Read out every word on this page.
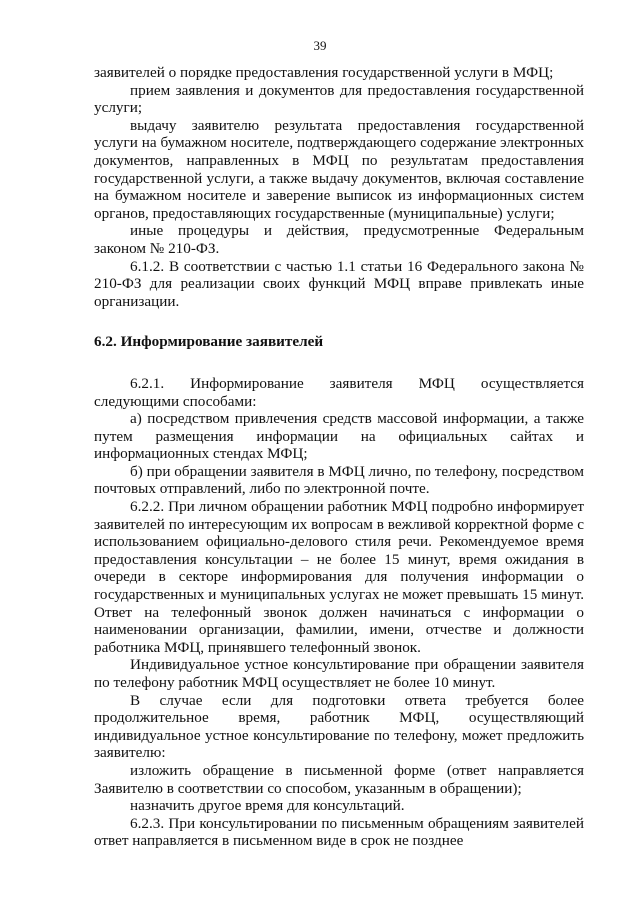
39

заявителей о порядке предоставления государственной услуги в МФЦ;

прием заявления и документов для предоставления государственной услуги;

выдачу заявителю результата предоставления государственной услуги на бумажном носителе, подтверждающего содержание электронных документов, направленных в МФЦ по результатам предоставления государственной услуги, а также выдачу документов, включая составление на бумажном носителе и заверение выписок из информационных систем органов, предоставляющих государственные (муниципальные) услуги;

иные процедуры и действия, предусмотренные Федеральным законом № 210-ФЗ.

6.1.2. В соответствии с частью 1.1 статьи 16 Федерального закона № 210-ФЗ для реализации своих функций МФЦ вправе привлекать иные организации.

6.2. Информирование заявителей

6.2.1. Информирование заявителя МФЦ осуществляется следующими способами:

а) посредством привлечения средств массовой информации, а также путем размещения информации на официальных сайтах и информационных стендах МФЦ;

б) при обращении заявителя в МФЦ лично, по телефону, посредством почтовых отправлений, либо по электронной почте.

6.2.2. При личном обращении работник МФЦ подробно информирует заявителей по интересующим их вопросам в вежливой корректной форме с использованием официально-делового стиля речи. Рекомендуемое время предоставления консультации – не более 15 минут, время ожидания в очереди в секторе информирования для получения информации о государственных и муниципальных услугах не может превышать 15 минут. Ответ на телефонный звонок должен начинаться с информации о наименовании организации, фамилии, имени, отчестве и должности работника МФЦ, принявшего телефонный звонок.

Индивидуальное устное консультирование при обращении заявителя по телефону работник МФЦ осуществляет не более 10 минут.

В случае если для подготовки ответа требуется более продолжительное время, работник МФЦ, осуществляющий индивидуальное устное консультирование по телефону, может предложить заявителю:

изложить обращение в письменной форме (ответ направляется Заявителю в соответствии со способом, указанным в обращении);

назначить другое время для консультаций.

6.2.3. При консультировании по письменным обращениям заявителей ответ направляется в письменном виде в срок не позднее
